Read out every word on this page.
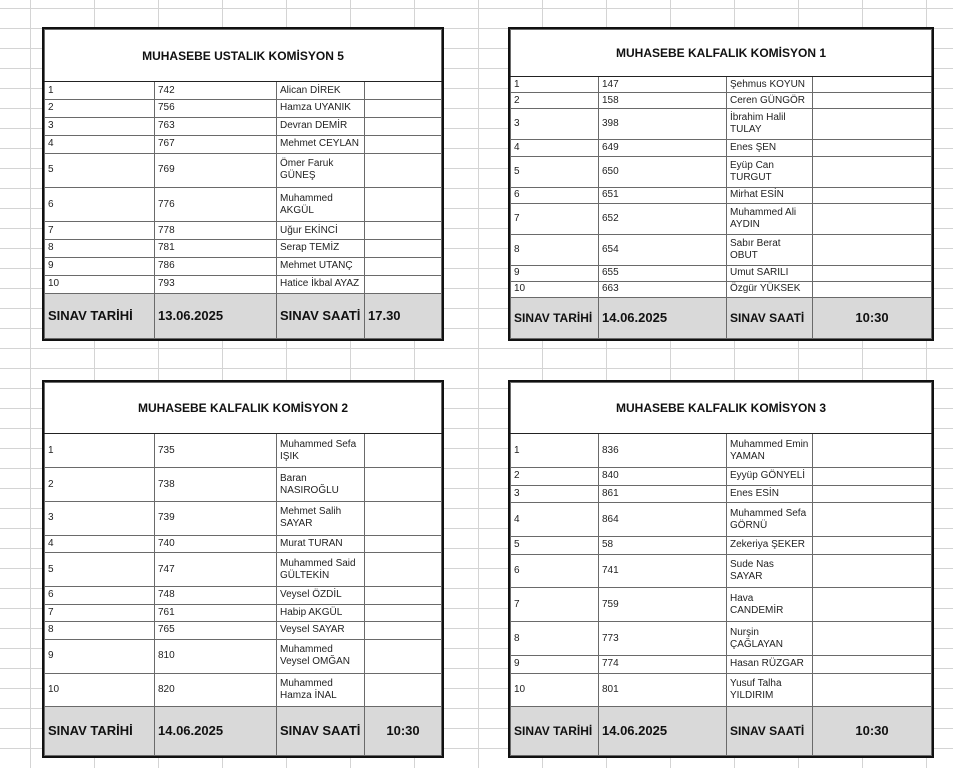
MUHASEBE USTALIK KOMİSYON 5			
1	742	Alican DİREK	
2	756	Hamza UYANIK	
3	763	Devran DEMİR	
4	767	Mehmet CEYLAN	
5	769	Ömer Faruk GÜNEŞ	
6	776	Muhammed AKGÜL	
7	778	Uğur EKİNCİ	
8	781	Serap TEMİZ	
9	786	Mehmet UTANÇ	
10	793	Hatice İkbal AYAZ	
SINAV TARİHİ	13.06.2025	SINAV SAATİ	17.30
MUHASEBE KALFALIK KOMİSYON 1			
1	147	Şehmus KOYUN	
2	158	Ceren GÜNGÖR	
3	398	İbrahim Halil TULAY	
4	649	Enes ŞEN	
5	650	Eyüp Can TURGUT	
6	651	Mirhat ESİN	
7	652	Muhammed Ali AYDIN	
8	654	Sabır Berat OBUT	
9	655	Umut SARILI	
10	663	Özgür YÜKSEK	
SINAV TARİHİ	14.06.2025	SINAV SAATİ	10:30
MUHASEBE KALFALIK KOMİSYON 2			
1	735	Muhammed Sefa IŞIK	
2	738	Baran NASIROĞLU	
3	739	Mehmet Salih SAYAR	
4	740	Murat TURAN	
5	747	Muhammed Said GÜLTEKİN	
6	748	Veysel ÖZDİL	
7	761	Habip AKGÜL	
8	765	Veysel SAYAR	
9	810	Muhammed Veysel OMĞAN	
10	820	Muhammed Hamza İNAL	
SINAV TARİHİ	14.06.2025	SINAV SAATİ	10:30
MUHASEBE KALFALIK KOMİSYON 3			
1	836	Muhammed Emin YAMAN	
2	840	Eyyüp GÖNYELİ	
3	861	Enes ESİN	
4	864	Muhammed Sefa GÖRNÜ	
5	58	Zekeriya ŞEKER	
6	741	Sude Nas SAYAR	
7	759	Hava CANDEMİR	
8	773	Nurşin ÇAĞLAYAN	
9	774	Hasan RÜZGAR	
10	801	Yusuf Talha YILDIRIM	
SINAV TARİHİ	14.06.2025	SINAV SAATİ	10:30
